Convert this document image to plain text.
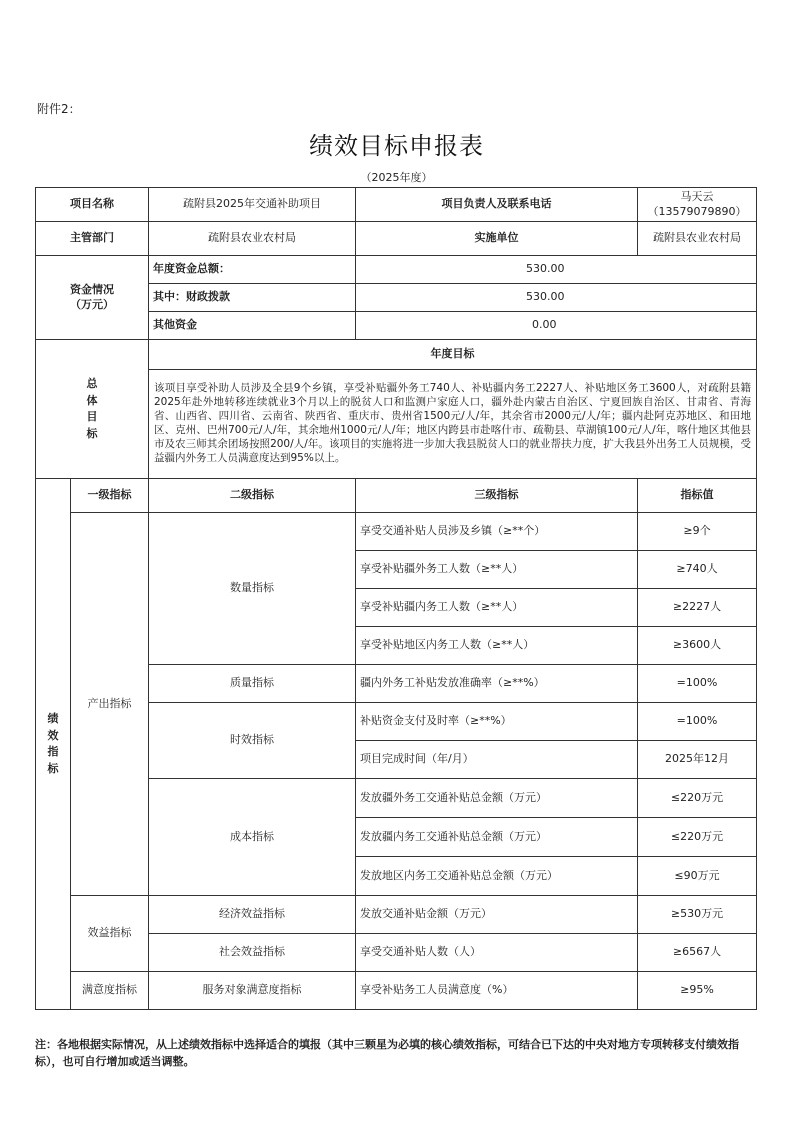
附件2：
绩效目标申报表
（2025年度）
项目名称		疏附县2025年交通补助项目	项目负责人及联系电话	马天云
（13579079890）

主管部门		疏附县农业农村局	实施单位	疏附县农业农村局

资金情况
（万元）		年度资金总额：	530.00	
		其中：财政拨款	530.00	
		其他资金	0.00	

总
体
目
标		年度目标		
		该项目享受补助人员涉及全县9个乡镇，享受补贴疆外务工740人、补贴疆内务工2227人、补贴地区务工3600人，对疏附县籍2025年赴外地转移连续就业3个月以上的脱贫人口和监测户家庭人口，疆外赴内蒙古自治区、宁夏回族自治区、甘肃省、青海省、山西省、四川省、云南省、陕西省、重庆市、贵州省1500元/人/年，其余省市2000元/人/年；疆内赴阿克苏地区、和田地区、克州、巴州700元/人/年，其余地州1000元/人/年；地区内跨县市赴喀什市、疏勒县、草湖镇100元/人/年，喀什地区其他县市及农三师其余团场按照200/人/年。该项目的实施将进一步加大我县脱贫人口的就业帮扶力度，扩大我县外出务工人员规模，受益疆内外务工人员满意度达到95%以上。		

绩
效
指
标	一级指标	二级指标	三级指标	指标值
	产出指标	数量指标	享受交通补贴人员涉及乡镇（≥**个）	≥9个
			享受补贴疆外务工人数（≥**人）	≥740人
			享受补贴疆内务工人数（≥**人）	≥2227人
			享受补贴地区内务工人数（≥**人）	≥3600人
		质量指标	疆内外务工补贴发放准确率（≥**%）	=100%
		时效指标	补贴资金支付及时率（≥**%）	=100%
			项目完成时间（年/月）	2025年12月
		成本指标	发放疆外务工交通补贴总金额（万元）	≤220万元
			发放疆内务工交通补贴总金额（万元）	≤220万元
			发放地区内务工交通补贴总金额（万元）	≤90万元
	效益指标	经济效益指标	发放交通补贴金额（万元）	≥530万元
		社会效益指标	享受交通补贴人数（人）	≥6567人
	满意度指标	服务对象满意度指标	享受补贴务工人员满意度（%）	≥95%
注：各地根据实际情况，从上述绩效指标中选择适合的填报（其中三颗星为必填的核心绩效指标，可结合已下达的中央对地方专项转移支付绩效指标），也可自行增加或适当调整。
